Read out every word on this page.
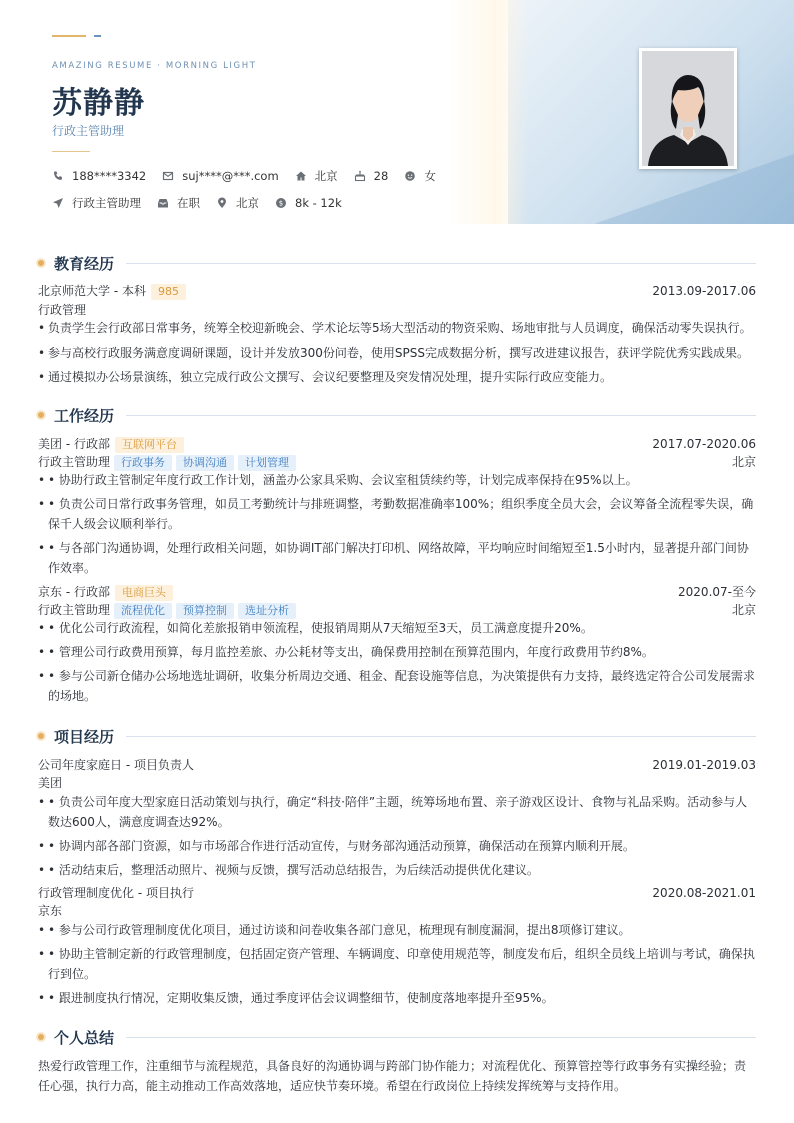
AMAZING RESUME · MORNING LIGHT
苏静静
行政主管助理
188****3342	suj****@***.com	北京	28	女
行政主管助理	在职	北京	$ 8k - 12k
教育经历
北京师范大学 - 本科 985	2013.09-2017.06
行政管理
• 负责学生会行政部日常事务，统筹全校迎新晚会、学术论坛等5场大型活动的物资采购、场地审批与人员调度，确保活动零失误执行。
• 参与高校行政服务满意度调研课题，设计并发放300份问卷，使用SPSS完成数据分析，撰写改进建议报告，获评学院优秀实践成果。
• 通过模拟办公场景演练，独立完成行政公文撰写、会议纪要整理及突发情况处理，提升实际行政应变能力。
工作经历
美团 - 行政部 互联网平台	2017.07-2020.06
行政主管助理 行政事务 协调沟通 计划管理	北京
• • 协助行政主管制定年度行政工作计划，涵盖办公家具采购、会议室租赁续约等，计划完成率保持在95%以上。
• • 负责公司日常行政事务管理，如员工考勤统计与排班调整，考勤数据准确率100%；组织季度全员大会，会议筹备全流程零失误，确保千人级会议顺利举行。
• • 与各部门沟通协调，处理行政相关问题，如协调IT部门解决打印机、网络故障，平均响应时间缩短至1.5小时内，显著提升部门间协作效率。
京东 - 行政部 电商巨头	2020.07-至今
行政主管助理 流程优化 预算控制 选址分析	北京
• • 优化公司行政流程，如简化差旅报销申领流程，使报销周期从7天缩短至3天，员工满意度提升20%。
• • 管理公司行政费用预算，每月监控差旅、办公耗材等支出，确保费用控制在预算范围内，年度行政费用节约8%。
• • 参与公司新仓储办公场地选址调研，收集分析周边交通、租金、配套设施等信息，为决策提供有力支持，最终选定符合公司发展需求的场地。
项目经历
公司年度家庭日 - 项目负责人	2019.01-2019.03
美团
• • 负责公司年度大型家庭日活动策划与执行，确定“科技·陪伴”主题，统筹场地布置、亲子游戏区设计、食物与礼品采购。活动参与人数达600人，满意度调查达92%。
• • 协调内部各部门资源，如与市场部合作进行活动宣传，与财务部沟通活动预算，确保活动在预算内顺利开展。
• • 活动结束后，整理活动照片、视频与反馈，撰写活动总结报告，为后续活动提供优化建议。
行政管理制度优化 - 项目执行	2020.08-2021.01
京东
• • 参与公司行政管理制度优化项目，通过访谈和问卷收集各部门意见，梳理现有制度漏洞，提出8项修订建议。
• • 协助主管制定新的行政管理制度，包括固定资产管理、车辆调度、印章使用规范等，制度发布后，组织全员线上培训与考试，确保执行到位。
• • 跟进制度执行情况，定期收集反馈，通过季度评估会议调整细节，使制度落地率提升至95%。
个人总结
热爱行政管理工作，注重细节与流程规范，具备良好的沟通协调与跨部门协作能力；对流程优化、预算管控等行政事务有实操经验；责任心强，执行力高，能主动推动工作高效落地，适应快节奏环境。希望在行政岗位上持续发挥统筹与支持作用。
